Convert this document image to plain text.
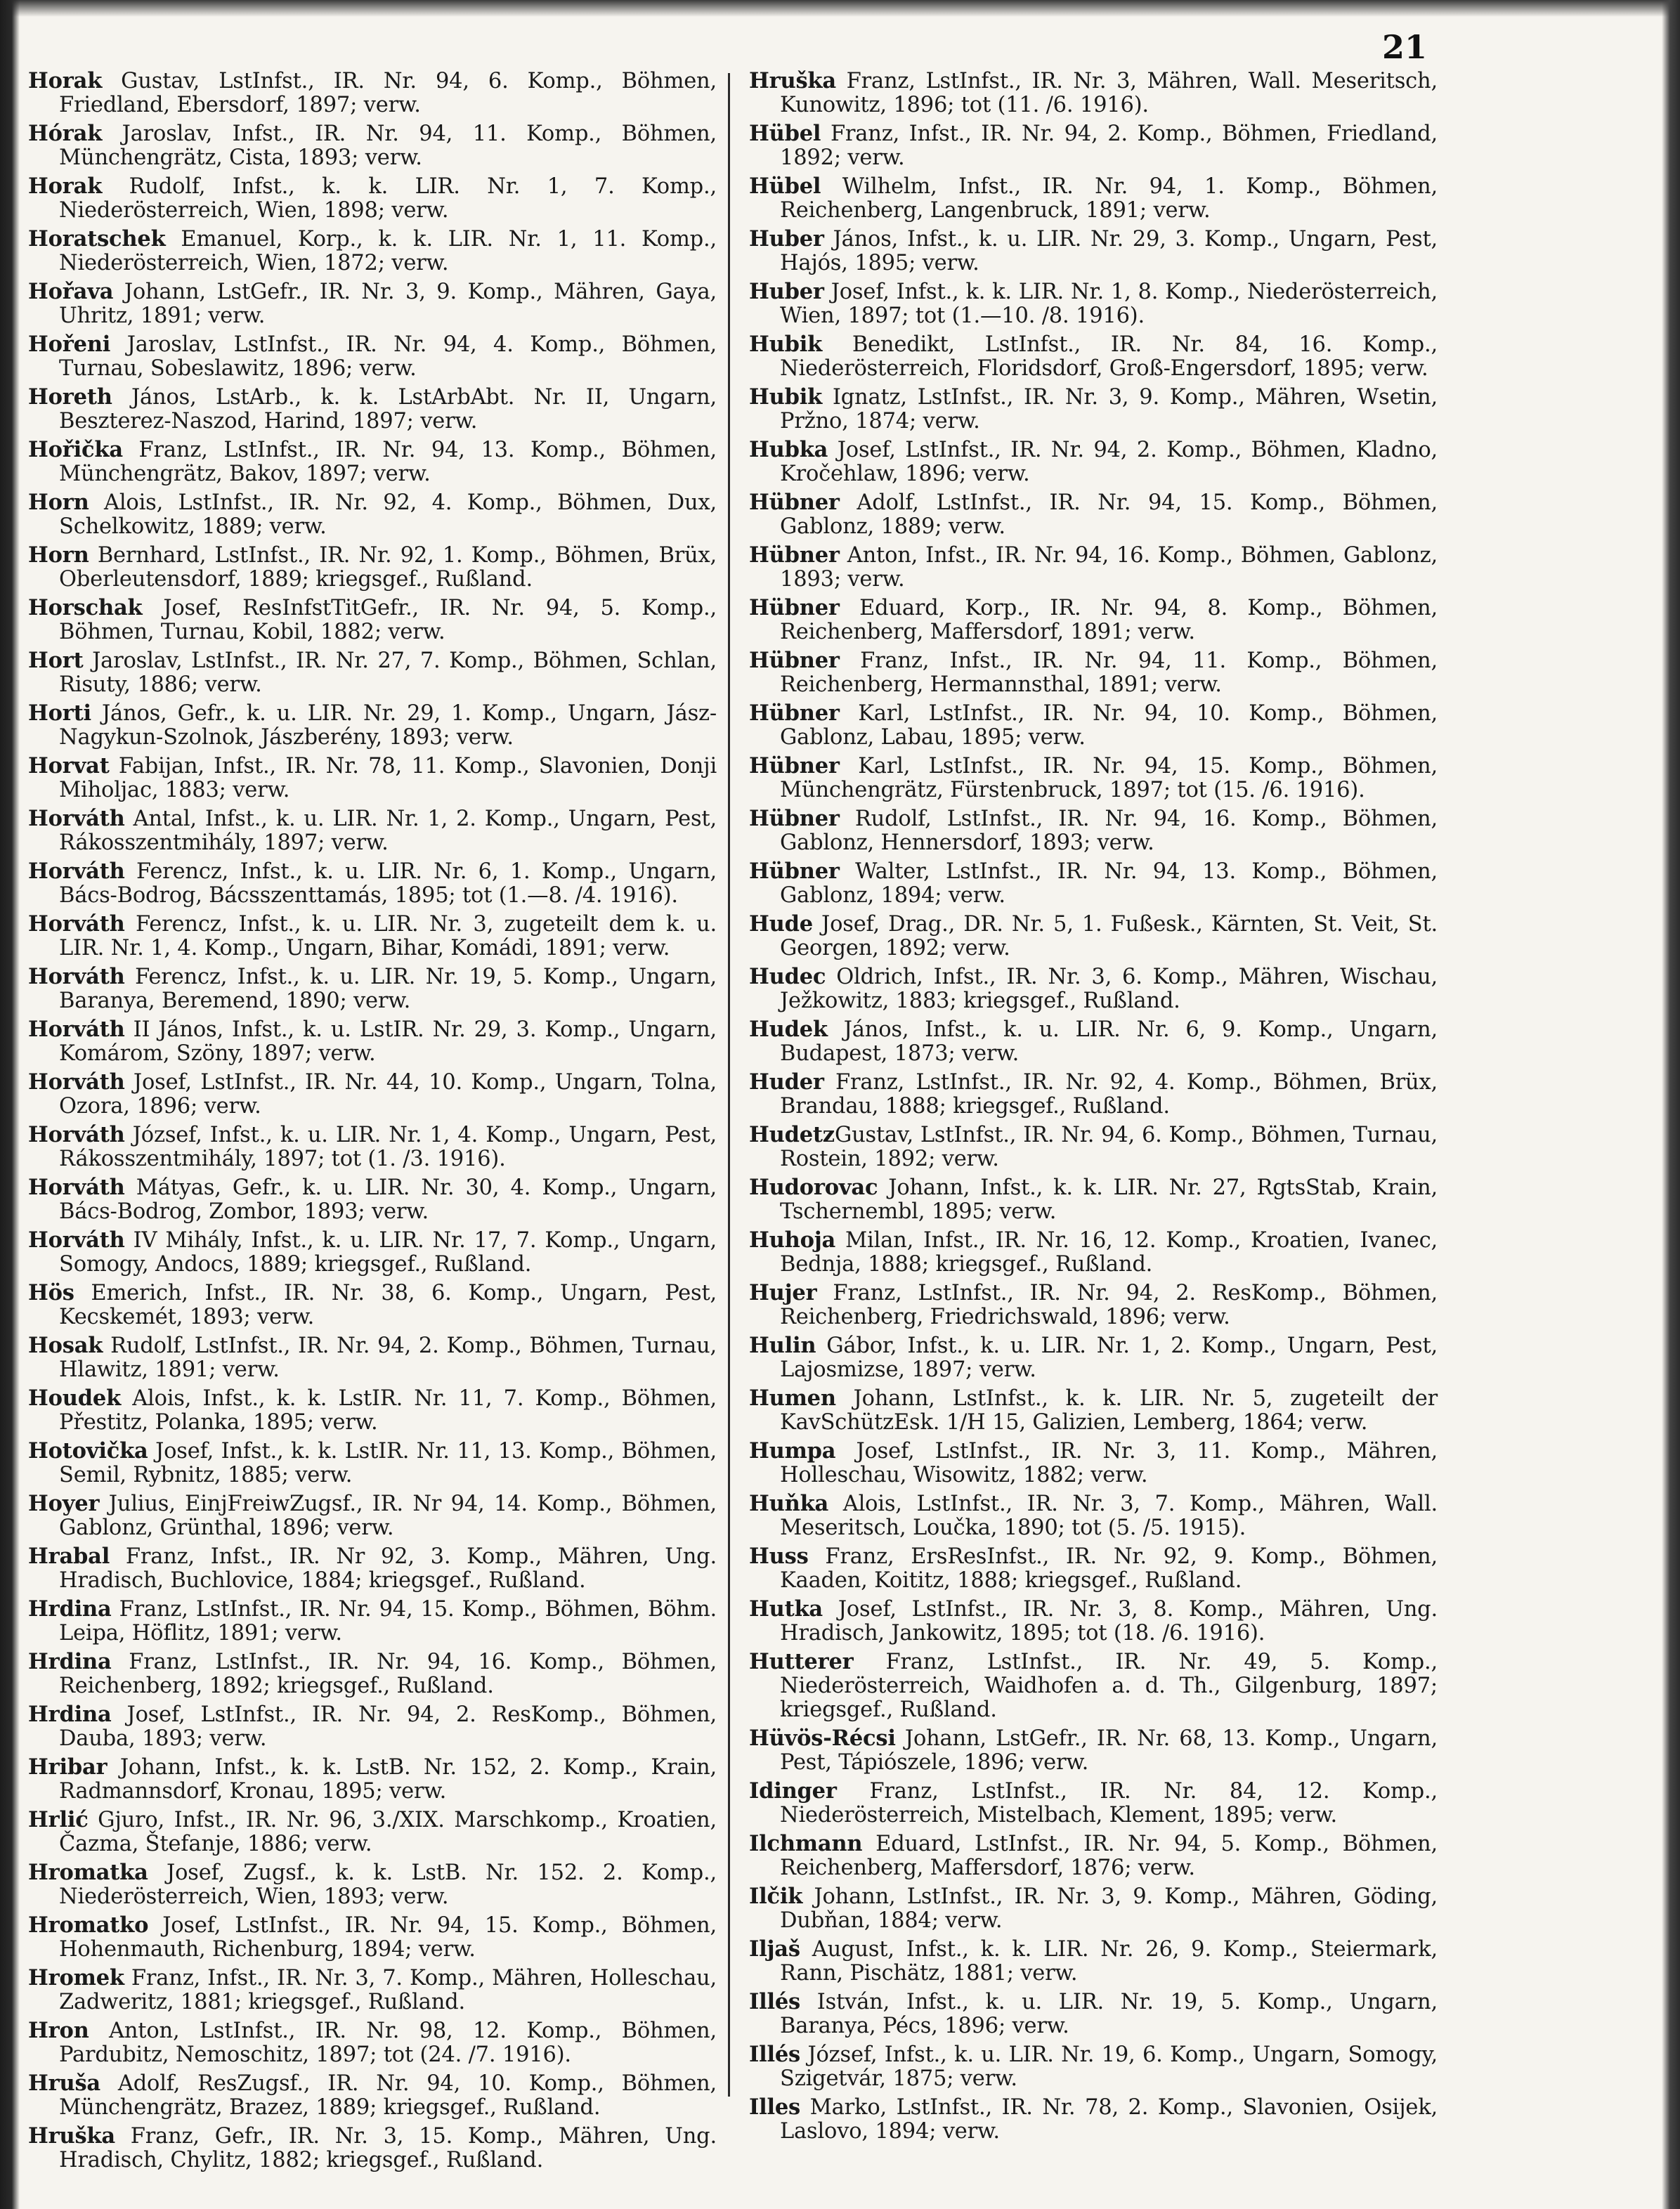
21

Horak Gustav, LstInfst., IR. Nr. 94, 6. Komp., Böhmen, Friedland, Ebersdorf, 1897; verw.

Hórak Jaroslav, Infst., IR. Nr. 94, 11. Komp., Böhmen, Münchengrätz, Cista, 1893; verw.

Horak Rudolf, Infst., k. k. LIR. Nr. 1, 7. Komp., Niederösterreich, Wien, 1898; verw.

Horatschek Emanuel, Korp., k. k. LIR. Nr. 1, 11. Komp., Niederösterreich, Wien, 1872; verw.

Hořava Johann, LstGefr., IR. Nr. 3, 9. Komp., Mähren, Gaya, Uhritz, 1891; verw.

Hořeni Jaroslav, LstInfst., IR. Nr. 94, 4. Komp., Böhmen, Turnau, Sobeslawitz, 1896; verw.

Horeth János, LstArb., k. k. LstArbAbt. Nr. II, Ungarn, Beszterez-Naszod, Harind, 1897; verw.

Hořička Franz, LstInfst., IR. Nr. 94, 13. Komp., Böhmen, Münchengrätz, Bakov, 1897; verw.

Horn Alois, LstInfst., IR. Nr. 92, 4. Komp., Böhmen, Dux, Schelkowitz, 1889; verw.

Horn Bernhard, LstInfst., IR. Nr. 92, 1. Komp., Böhmen, Brüx, Oberleutensdorf, 1889; kriegsgef., Rußland.

Horschak Josef, ResInfstTitGefr., IR. Nr. 94, 5. Komp., Böhmen, Turnau, Kobil, 1882; verw.

Hort Jaroslav, LstInfst., IR. Nr. 27, 7. Komp., Böhmen, Schlan, Risuty, 1886; verw.

Horti János, Gefr., k. u. LIR. Nr. 29, 1. Komp., Ungarn, Jász-Nagykun-Szolnok, Jászberény, 1893; verw.

Horvat Fabijan, Infst., IR. Nr. 78, 11. Komp., Slavonien, Donji Miholjac, 1883; verw.

Horváth Antal, Infst., k. u. LIR. Nr. 1, 2. Komp., Ungarn, Pest, Rákosszentmihály, 1897; verw.

Horváth Ferencz, Infst., k. u. LIR. Nr. 6, 1. Komp., Ungarn, Bács-Bodrog, Bácsszenttamás, 1895; tot (1.—8. /4. 1916).

Horváth Ferencz, Infst., k. u. LIR. Nr. 3, zugeteilt dem k. u. LIR. Nr. 1, 4. Komp., Ungarn, Bihar, Komádi, 1891; verw.

Horváth Ferencz, Infst., k. u. LIR. Nr. 19, 5. Komp., Ungarn, Baranya, Beremend, 1890; verw.

Horváth II János, Infst., k. u. LstIR. Nr. 29, 3. Komp., Ungarn, Komárom, Szöny, 1897; verw.

Horváth Josef, LstInfst., IR. Nr. 44, 10. Komp., Ungarn, Tolna, Ozora, 1896; verw.

Horváth József, Infst., k. u. LIR. Nr. 1, 4. Komp., Ungarn, Pest, Rákosszentmihály, 1897; tot (1. /3. 1916).

Horváth Mátyas, Gefr., k. u. LIR. Nr. 30, 4. Komp., Ungarn, Bács-Bodrog, Zombor, 1893; verw.

Horváth IV Mihály, Infst., k. u. LIR. Nr. 17, 7. Komp., Ungarn, Somogy, Andocs, 1889; kriegsgef., Rußland.

Hös Emerich, Infst., IR. Nr. 38, 6. Komp., Ungarn, Pest, Kecskemét, 1893; verw.

Hosak Rudolf, LstInfst., IR. Nr. 94, 2. Komp., Böhmen, Turnau, Hlawitz, 1891; verw.

Houdek Alois, Infst., k. k. LstIR. Nr. 11, 7. Komp., Böhmen, Přestitz, Polanka, 1895; verw.

Hotovička Josef, Infst., k. k. LstIR. Nr. 11, 13. Komp., Böhmen, Semil, Rybnitz, 1885; verw.

Hoyer Julius, EinjFreiwZugsf., IR. Nr 94, 14. Komp., Böhmen, Gablonz, Grünthal, 1896; verw.

Hrabal Franz, Infst., IR. Nr 92, 3. Komp., Mähren, Ung. Hradisch, Buchlovice, 1884; kriegsgef., Rußland.

Hrdina Franz, LstInfst., IR. Nr. 94, 15. Komp., Böhmen, Böhm. Leipa, Höflitz, 1891; verw.

Hrdina Franz, LstInfst., IR. Nr. 94, 16. Komp., Böhmen, Reichenberg, 1892; kriegsgef., Rußland.

Hrdina Josef, LstInfst., IR. Nr. 94, 2. ResKomp., Böhmen, Dauba, 1893; verw.

Hribar Johann, Infst., k. k. LstB. Nr. 152, 2. Komp., Krain, Radmannsdorf, Kronau, 1895; verw.

Hrlić Gjuro, Infst., IR. Nr. 96, 3./XIX. Marschkomp., Kroatien, Čazma, Štefanje, 1886; verw.

Hromatka Josef, Zugsf., k. k. LstB. Nr. 152. 2. Komp., Niederösterreich, Wien, 1893; verw.

Hromatko Josef, LstInfst., IR. Nr. 94, 15. Komp., Böhmen, Hohenmauth, Richenburg, 1894; verw.

Hromek Franz, Infst., IR. Nr. 3, 7. Komp., Mähren, Holleschau, Zadweritz, 1881; kriegsgef., Rußland.

Hron Anton, LstInfst., IR. Nr. 98, 12. Komp., Böhmen, Pardubitz, Nemoschitz, 1897; tot (24. /7. 1916).

Hruša Adolf, ResZugsf., IR. Nr. 94, 10. Komp., Böhmen, Münchengrätz, Brazez, 1889; kriegsgef., Rußland.

Hruška Franz, Gefr., IR. Nr. 3, 15. Komp., Mähren, Ung. Hradisch, Chylitz, 1882; kriegsgef., Rußland.

Hruška Franz, LstInfst., IR. Nr. 3, Mähren, Wall. Meseritsch, Kunowitz, 1896; tot (11. /6. 1916).

Hübel Franz, Infst., IR. Nr. 94, 2. Komp., Böhmen, Friedland, 1892; verw.

Hübel Wilhelm, Infst., IR. Nr. 94, 1. Komp., Böhmen, Reichenberg, Langenbruck, 1891; verw.

Huber János, Infst., k. u. LIR. Nr. 29, 3. Komp., Ungarn, Pest, Hajós, 1895; verw.

Huber Josef, Infst., k. k. LIR. Nr. 1, 8. Komp., Niederösterreich, Wien, 1897; tot (1.—10. /8. 1916).

Hubik Benedikt, LstInfst., IR. Nr. 84, 16. Komp., Niederösterreich, Floridsdorf, Groß-Engersdorf, 1895; verw.

Hubik Ignatz, LstInfst., IR. Nr. 3, 9. Komp., Mähren, Wsetin, Pržno, 1874; verw.

Hubka Josef, LstInfst., IR. Nr. 94, 2. Komp., Böhmen, Kladno, Kročehlaw, 1896; verw.

Hübner Adolf, LstInfst., IR. Nr. 94, 15. Komp., Böhmen, Gablonz, 1889; verw.

Hübner Anton, Infst., IR. Nr. 94, 16. Komp., Böhmen, Gablonz, 1893; verw.

Hübner Eduard, Korp., IR. Nr. 94, 8. Komp., Böhmen, Reichenberg, Maffersdorf, 1891; verw.

Hübner Franz, Infst., IR. Nr. 94, 11. Komp., Böhmen, Reichenberg, Hermannsthal, 1891; verw.

Hübner Karl, LstInfst., IR. Nr. 94, 10. Komp., Böhmen, Gablonz, Labau, 1895; verw.

Hübner Karl, LstInfst., IR. Nr. 94, 15. Komp., Böhmen, Münchengrätz, Fürstenbruck, 1897; tot (15. /6. 1916).

Hübner Rudolf, LstInfst., IR. Nr. 94, 16. Komp., Böhmen, Gablonz, Hennersdorf, 1893; verw.

Hübner Walter, LstInfst., IR. Nr. 94, 13. Komp., Böhmen, Gablonz, 1894; verw.

Hude Josef, Drag., DR. Nr. 5, 1. Fußesk., Kärnten, St. Veit, St. Georgen, 1892; verw.

Hudec Oldrich, Infst., IR. Nr. 3, 6. Komp., Mähren, Wischau, Ježkowitz, 1883; kriegsgef., Rußland.

Hudek János, Infst., k. u. LIR. Nr. 6, 9. Komp., Ungarn, Budapest, 1873; verw.

Huder Franz, LstInfst., IR. Nr. 92, 4. Komp., Böhmen, Brüx, Brandau, 1888; kriegsgef., Rußland.

HudetzGustav, LstInfst., IR. Nr. 94, 6. Komp., Böhmen, Turnau, Rostein, 1892; verw.

Hudorovac Johann, Infst., k. k. LIR. Nr. 27, RgtsStab, Krain, Tschernembl, 1895; verw.

Huhoja Milan, Infst., IR. Nr. 16, 12. Komp., Kroatien, Ivanec, Bednja, 1888; kriegsgef., Rußland.

Hujer Franz, LstInfst., IR. Nr. 94, 2. ResKomp., Böhmen, Reichenberg, Friedrichswald, 1896; verw.

Hulin Gábor, Infst., k. u. LIR. Nr. 1, 2. Komp., Ungarn, Pest, Lajosmizse, 1897; verw.

Humen Johann, LstInfst., k. k. LIR. Nr. 5, zugeteilt der KavSchützEsk. 1/H 15, Galizien, Lemberg, 1864; verw.

Humpa Josef, LstInfst., IR. Nr. 3, 11. Komp., Mähren, Holleschau, Wisowitz, 1882; verw.

Huňka Alois, LstInfst., IR. Nr. 3, 7. Komp., Mähren, Wall. Meseritsch, Loučka, 1890; tot (5. /5. 1915).

Huss Franz, ErsResInfst., IR. Nr. 92, 9. Komp., Böhmen, Kaaden, Koititz, 1888; kriegsgef., Rußland.

Hutka Josef, LstInfst., IR. Nr. 3, 8. Komp., Mähren, Ung. Hradisch, Jankowitz, 1895; tot (18. /6. 1916).

Hutterer Franz, LstInfst., IR. Nr. 49, 5. Komp., Niederösterreich, Waidhofen a. d. Th., Gilgenburg, 1897; kriegsgef., Rußland.

Hüvös-Récsi Johann, LstGefr., IR. Nr. 68, 13. Komp., Ungarn, Pest, Tápiószele, 1896; verw.

Idinger Franz, LstInfst., IR. Nr. 84, 12. Komp., Niederösterreich, Mistelbach, Klement, 1895; verw.

Ilchmann Eduard, LstInfst., IR. Nr. 94, 5. Komp., Böhmen, Reichenberg, Maffersdorf, 1876; verw.

Ilčik Johann, LstInfst., IR. Nr. 3, 9. Komp., Mähren, Göding, Dubňan, 1884; verw.

Iljaš August, Infst., k. k. LIR. Nr. 26, 9. Komp., Steiermark, Rann, Pischätz, 1881; verw.

Illés István, Infst., k. u. LIR. Nr. 19, 5. Komp., Ungarn, Baranya, Pécs, 1896; verw.

Illés József, Infst., k. u. LIR. Nr. 19, 6. Komp., Ungarn, Somogy, Szigetvár, 1875; verw.

Illes Marko, LstInfst., IR. Nr. 78, 2. Komp., Slavonien, Osijek, Laslovo, 1894; verw.
